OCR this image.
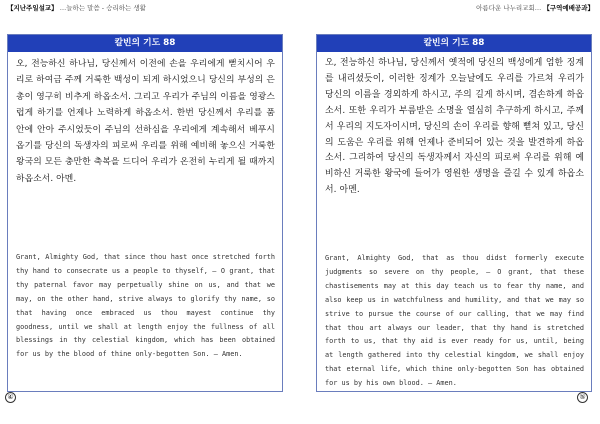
【지난주일설교】 …늘하는 말씀 - 승리하는 생활
칼빈의 기도 88

오, 전능하신 하나님, 당신께서 이전에 손을 우리에게 뻗치시어 우리로 하여금 주께 거룩한 백성이 되게 하시었으니 당신의 부성의 은총이 영구히 비추게 하옵소서. 그리고 우리가 주님의 이름을 영광스럽게 하기를 언제나 노력하게 하옵소서. 한번 당신께서 우리를 품 안에 안아 주시었듯이 주님의 선하심을 우리에게 계속해서 베푸시옵기를 당신의 독생자의 피로써 우리를 위해 예비해 놓으신 거룩한 왕국의 모든 충만한 축복을 드디어 우리가 온전히 누리게 될 때까지 하옵소서. 아멘.

Grant, Almighty God, that since thou hast once stretched forth thy hand to consecrate us a people to thyself, — O grant, that thy paternal favor may perpetually shine on us, and that we may, on the other hand, strive always to glorify thy name, so that having once embraced us thou mayest continue thy goodness, until we shall at length enjoy the fullness of all blessings in thy celestial kingdom, which has been obtained for us by the blood of thine only-begotten Son. — Amen.

④
아름다운 나누리교회… 【구역예배공과】
칼빈의 기도 88

오, 전능하신 하나님, 당신께서 옛적에 당신의 백성에게 엄한 징계를 내리셨듯이, 이러한 징계가 오늘날에도 우리를 가르쳐 우리가 당신의 이름을 경외하게 하시고, 주의 길게 하시며, 겸손하게 하옵소서. 또한 우리가 부름받은 소명을 열심히 추구하게 하시고, 주께서 우리의 지도자이시며, 당신의 손이 우리를 향해 뻗쳐 있고, 당신의 도움은 우리를 위해 언제나 준비되어 있는 것을 발견하게 하옵소서. 그리하여 당신의 독생자께서 자신의 피로써 우리를 위해 예비하신 거룩한 왕국에 들어가 영원한 생명을 즐길 수 있게 하옵소서. 아멘.

Grant, Almighty God, that as thou didst formerly execute judgments so severe on thy people, — O grant, that these chastisements may at this day teach us to fear thy name, and also keep us in watchfulness and humility, and that we may so strive to pursue the course of our calling, that we may find that thou art always our leader, that thy hand is stretched forth to us, that thy aid is ever ready for us, until, being at length gathered into thy celestial kingdom, we shall enjoy that eternal life, which thine only-begotten Son has obtained for us by his own blood. — Amen.

⑤
